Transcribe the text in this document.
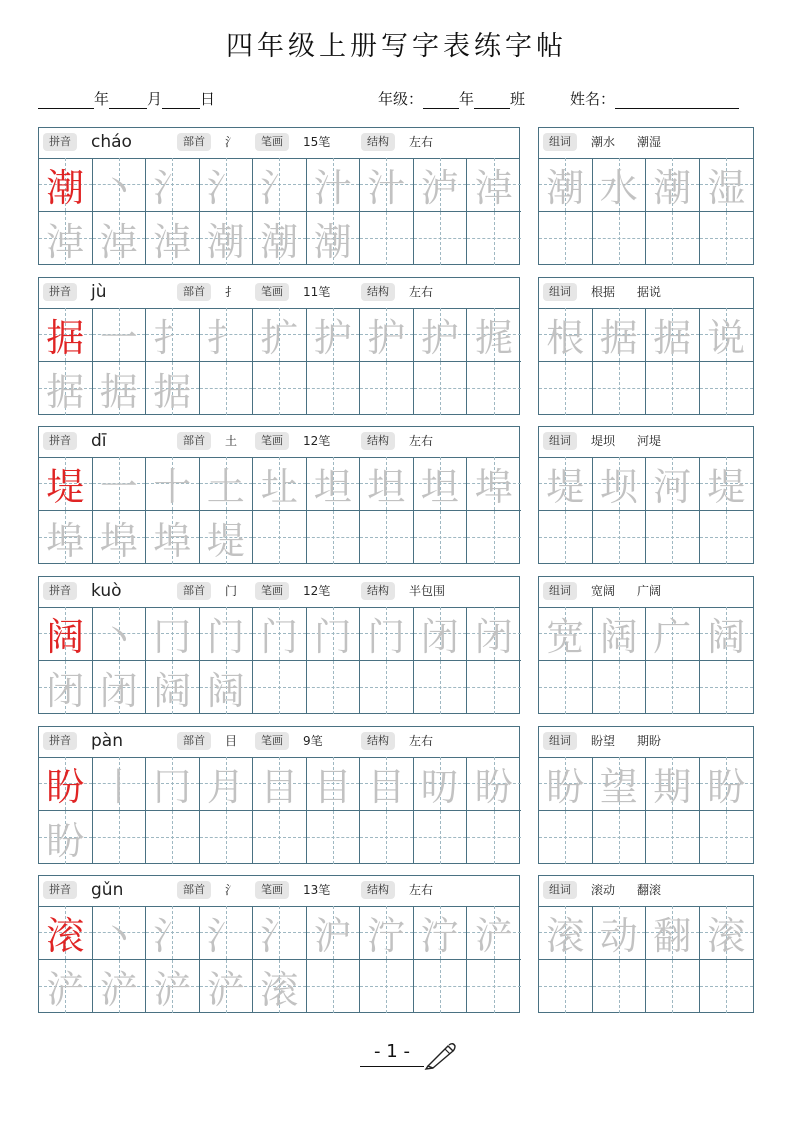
四年级上册写字表练字帖
年	月	日	年级： 年 班	姓名：
拼音	cháo	部首	氵	笔画	15笔	结构	左右
潮 丶 氵 氵 氵 汁 汁 泸 淖
淖 淖 淖 潮 潮 潮
组词	潮水 潮湿
潮 水 潮 湿
拼音	jù	部首	扌	笔画	11笔	结构	左右
据 一 扌 扌 扩 护 护 护 捤
据 据 据
组词	根据 据说
根 据 据 说
拼音	dī	部首	土	笔画	12笔	结构	左右
堤 一 十 土 圵 坦 坦 坦 埠
埠 埠 埠 堤
组词	堤坝 河堤
堤 坝 河 堤
拼音	kuò	部首	门	笔画	12笔	结构	半包围
阔 丶 冂 门 门 门 门 闭 闭
闭 闭 阔 阔
组词	宽阔 广阔
宽 阔 广 阔
拼音	pàn	部首	目	笔画	9笔	结构	左右
盼 丨 冂 月 目 目 目 旫 盼
盼
组词	盼望 期盼
盼 望 期 盼
拼音	gǔn	部首	氵	笔画	13笔	结构	左右
滚 丶 氵 氵 氵 沪 泞 泞 浐
浐 浐 浐 浐 滚
组词	滚动 翻滚
滚 动 翻 滚
- 1 -
